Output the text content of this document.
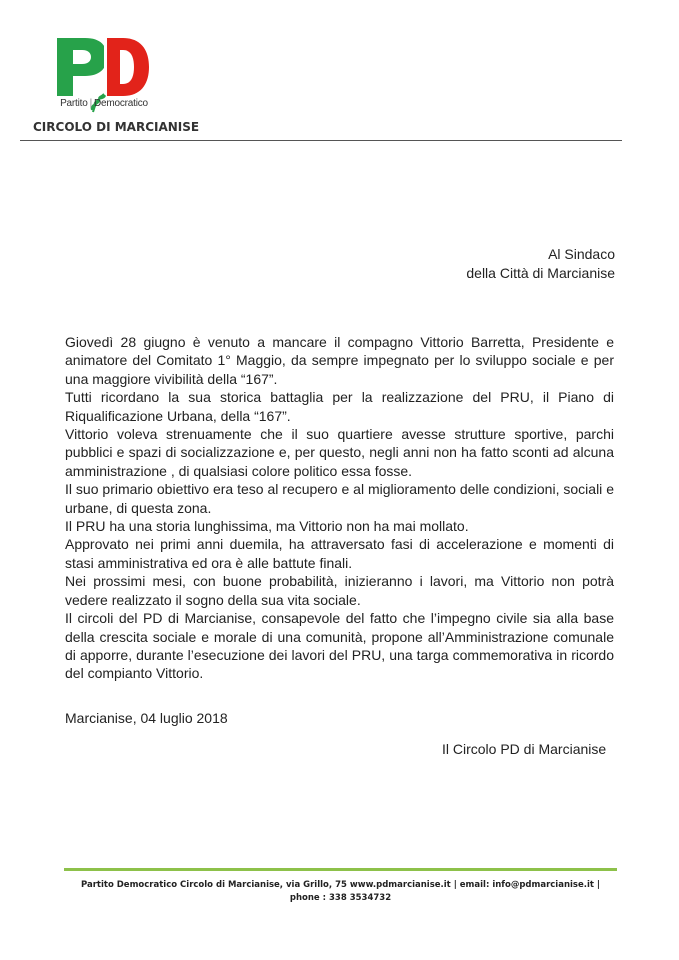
Partito | Democratico
CIRCOLO DI MARCIANISE
Al Sindaco
della Città di Marcianise

Giovedì 28 giugno è venuto a mancare il compagno Vittorio Barretta, Presidente e animatore del Comitato 1° Maggio, da sempre impegnato per lo sviluppo sociale e per una maggiore vivibilità della “167”.

Tutti ricordano la sua storica battaglia per la realizzazione del PRU, il Piano di Riqualificazione Urbana, della “167”.

Vittorio voleva strenuamente che il suo quartiere avesse strutture sportive, parchi pubblici e spazi di socializzazione e, per questo, negli anni non ha fatto sconti ad alcuna amministrazione , di qualsiasi colore politico essa fosse.

Il suo primario obiettivo era teso al recupero e al miglioramento delle condizioni, sociali e urbane, di questa zona.

Il PRU ha una storia lunghissima, ma Vittorio non ha mai mollato.

Approvato nei primi anni duemila, ha attraversato fasi di accelerazione e momenti di stasi amministrativa ed ora è alle battute finali.

Nei prossimi mesi, con buone probabilità, inizieranno i lavori, ma Vittorio non potrà vedere realizzato il sogno della sua vita sociale.

Il circoli del PD di Marcianise, consapevole del fatto che l’impegno civile sia alla base della crescita sociale e morale di una comunità, propone all’Amministrazione comunale di apporre, durante l’esecuzione dei lavori del PRU, una targa commemorativa in ricordo del compianto Vittorio.

Marcianise, 04 luglio 2018
Il Circolo PD di Marcianise
Partito Democratico Circolo di Marcianise, via Grillo, 75 www.pdmarcianise.it | email: info@pdmarcianise.it |
phone : 338 3534732
